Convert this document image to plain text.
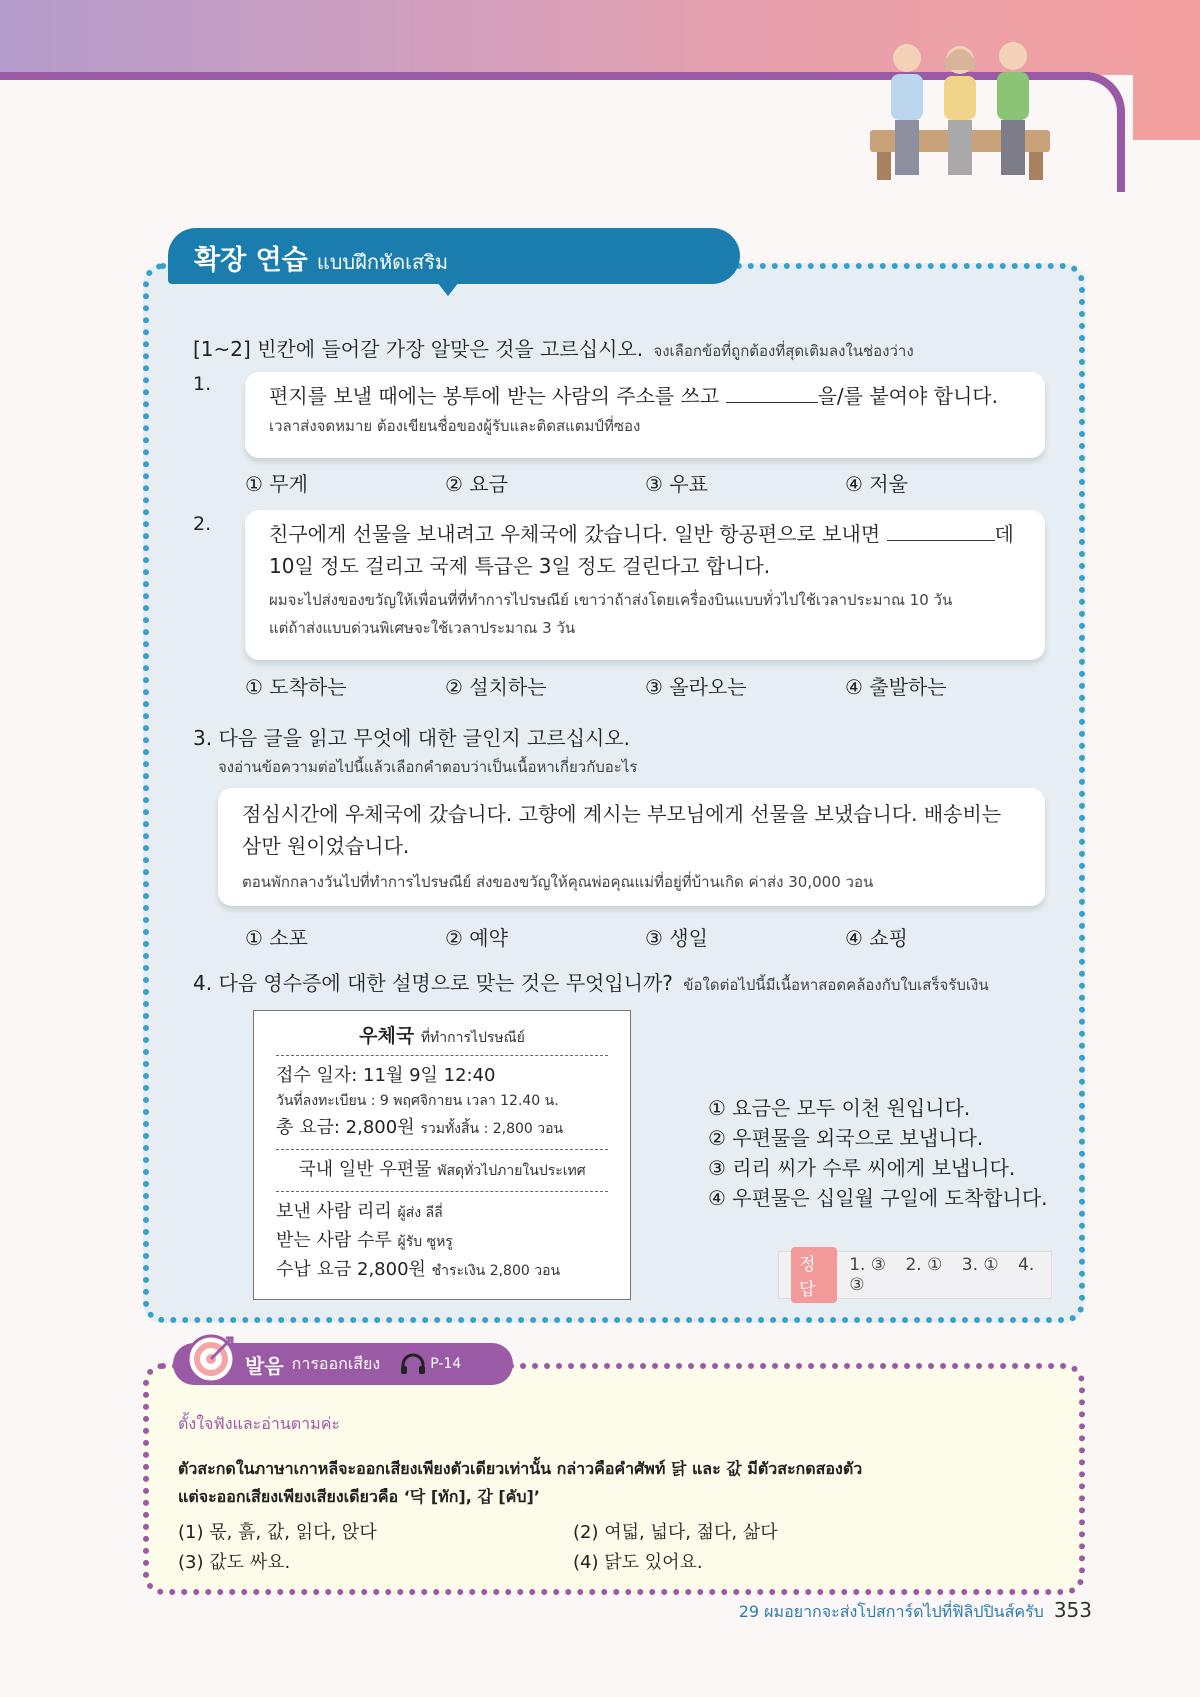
확장 연습 แบบฝึกหัดเสริม
[1~2] 빈칸에 들어갈 가장 알맞은 것을 고르십시오. จงเลือกข้อที่ถูกต้องที่สุดเติมลงในช่องว่าง
1.	편지를 보낼 때에는 봉투에 받는 사람의 주소를 쓰고	을/를 붙여야 합니다.
เวลาส่งจดหมาย ต้องเขียนชื่อของผู้รับและติดสแตมป์ที่ซอง
① 무게	② 요금	③ 우표	④ 저울
2.	친구에게 선물을 보내려고 우체국에 갔습니다. 일반 항공편으로 보내면	데
10일 정도 걸리고 국제 특급은 3일 정도 걸린다고 합니다.
ผมจะไปส่งของขวัญให้เพื่อนที่ที่ทำการไปรษณีย์ เขาว่าถ้าส่งโดยเครื่องบินแบบทั่วไปใช้เวลาประมาณ 10 วัน
แต่ถ้าส่งแบบด่วนพิเศษจะใช้เวลาประมาณ 3 วัน
① 도착하는	② 설치하는	③ 올라오는	④ 출발하는
3. 다음 글을 읽고 무엇에 대한 글인지 고르십시오.
จงอ่านข้อความต่อไปนี้แล้วเลือกคำตอบว่าเป็นเนื้อหาเกี่ยวกับอะไร
점심시간에 우체국에 갔습니다. 고향에 계시는 부모님에게 선물을 보냈습니다. 배송비는
삼만 원이었습니다.
ตอนพักกลางวันไปที่ทำการไปรษณีย์ ส่งของขวัญให้คุณพ่อคุณแม่ที่อยู่ที่บ้านเกิด ค่าส่ง 30,000 วอน
① 소포	② 예약	③ 생일	④ 쇼핑
4. 다음 영수증에 대한 설명으로 맞는 것은 무엇입니까? ข้อใดต่อไปนี้มีเนื้อหาสอดคล้องกับใบเสร็จรับเงิน
우체국 ที่ทำการไปรษณีย์
접수 일자: 11월 9일 12:40
วันที่ลงทะเบียน : 9 พฤศจิกายน เวลา 12.40 น.
총 요금: 2,800원 รวมทั้งสิ้น : 2,800 วอน
국내 일반 우편물 พัสดุทั่วไปภายในประเทศ
보낸 사람 리리 ผู้ส่ง ลีลี่
받는 사람 수루 ผู้รับ ซูหรู
수납 요금 2,800원 ชำระเงิน 2,800 วอน
① 요금은 모두 이천 원입니다.
② 우편물을 외국으로 보냅니다.
③ 리리 씨가 수루 씨에게 보냅니다.
④ 우편물은 십일월 구일에 도착합니다.
정답
1. ③ 2. ① 3. ① 4. ③
발음 การออกเสียง	P-14
ตั้งใจฟังและอ่านตามค่ะ
ตัวสะกดในภาษาเกาหลีจะออกเสียงเพียงตัวเดียวเท่านั้น กล่าวคือคำศัพท์ 닭 และ 값 มีตัวสะกดสองตัว
แต่จะออกเสียงเพียงเสียงเดียวคือ ‘닥 [ทัก], 갑 [คับ]’
(1) 몫, 흙, 값, 읽다, 앉다	(2) 여덟, 넓다, 젊다, 삶다
(3) 값도 싸요.	(4) 닭도 있어요.
29 ผมอยากจะส่งโปสการ์ดไปที่ฟิลิปปินส์ครับ 353
